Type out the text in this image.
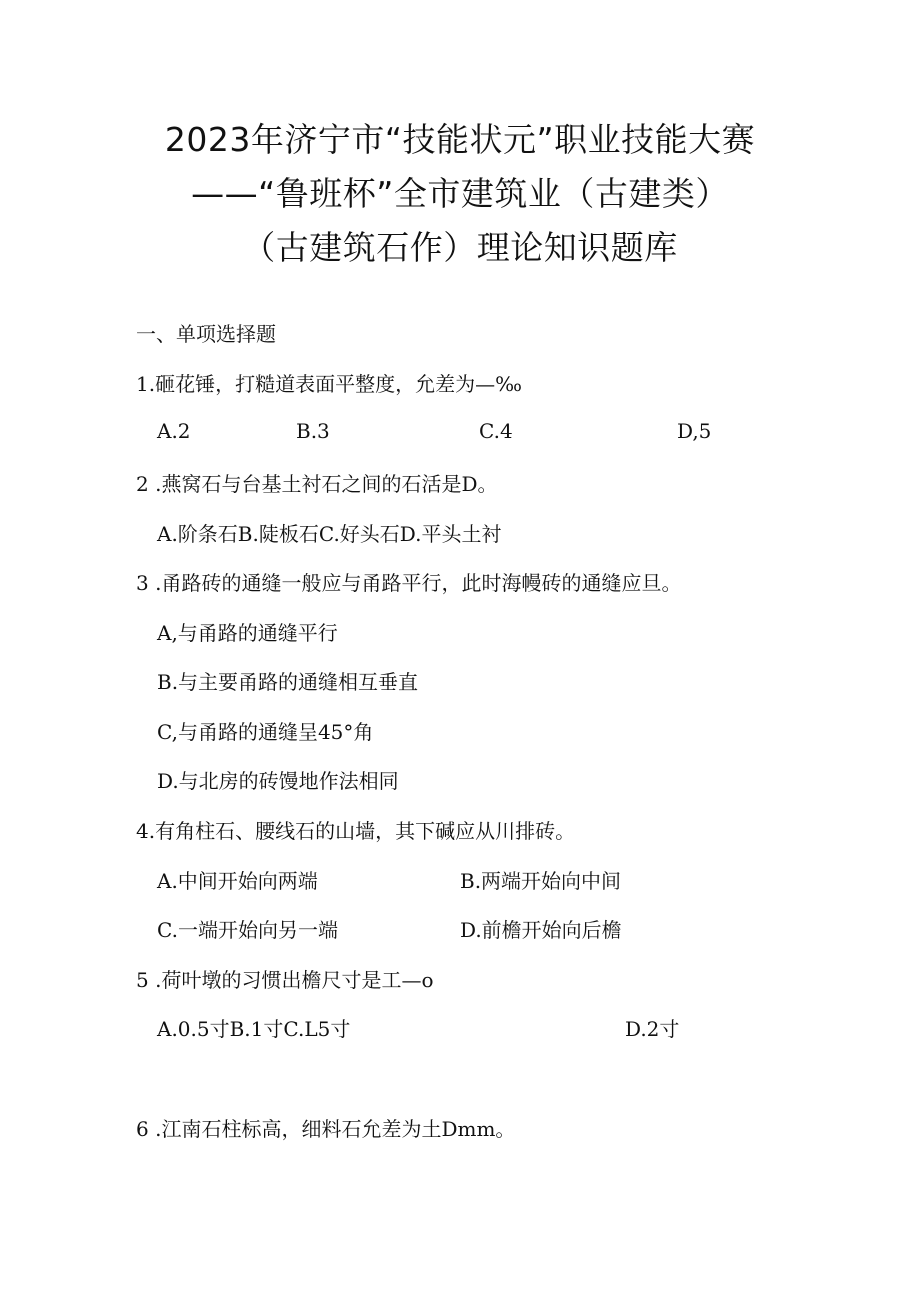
2023年济宁市“技能状元”职业技能大赛
——“鲁班杯”全市建筑业（古建类）
（古建筑石作）理论知识题库
一、单项选择题
1.砸花锤，打糙道表面平整度，允差为—‰
A.2	B.3	C.4	D,5
2 .燕窝石与台基土衬石之间的石活是D。
A.阶条石B.陡板石C.好头石D.平头土衬
3 .甬路砖的通缝一般应与甬路平行，此时海幔砖的通缝应旦。
A,与甬路的通缝平行
B.与主要甬路的通缝相互垂直
C,与甬路的通缝呈45°角
D.与北房的砖馒地作法相同
4.有角柱石、腰线石的山墙，其下碱应从川排砖。
A.中间开始向两端	B.两端开始向中间
C.一端开始向另一端	D.前檐开始向后檐
5 .荷叶墩的习惯出檐尺寸是工—o
A.0.5寸B.1寸C.L5寸	D.2寸
6 .江南石柱标高，细料石允差为土Dmm。
